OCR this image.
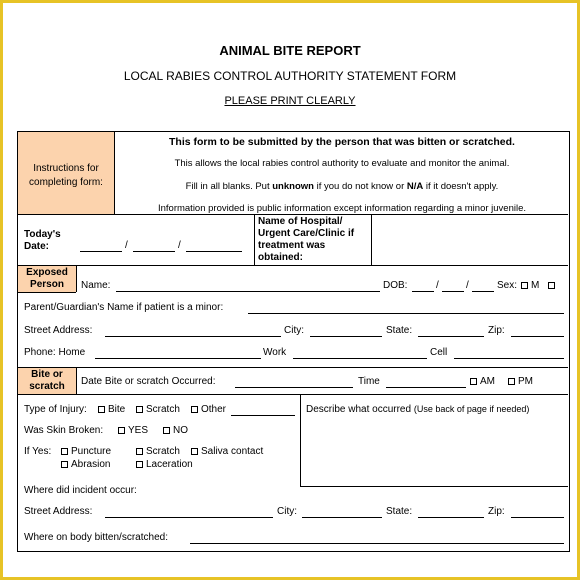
ANIMAL BITE REPORT
LOCAL RABIES CONTROL AUTHORITY STATEMENT FORM
PLEASE PRINT CLEARLY
Instructions for
completing form:
This form to be submitted by the person that was bitten or scratched.
This allows the local rabies control authority to evaluate and monitor the animal.
Fill in all blanks. Put unknown if you do not know or N/A if it doesn't apply.
Information provided is public information except information regarding a minor juvenile.
Today's
Date:	/	/
Name of Hospital/
Urgent Care/Clinic if
treatment was
obtained:
Exposed
Person	Name:	DOB:	/	/	Sex:	M
Parent/Guardian's Name if patient is a minor:
Street Address:	City:	State:	Zip:
Phone: Home	Work	Cell
Bite or
scratch	Date Bite or scratch Occurred:	Time	AM	PM
Type of Injury:	Bite	Scratch	Other	Describe what occurred (Use back of page if needed)
Was Skin Broken:	YES	NO
If Yes:	Puncture	Scratch	Saliva contact
Abrasion	Laceration
Where did incident occur:
Street Address:	City:	State:	Zip:
Where on body bitten/scratched:
